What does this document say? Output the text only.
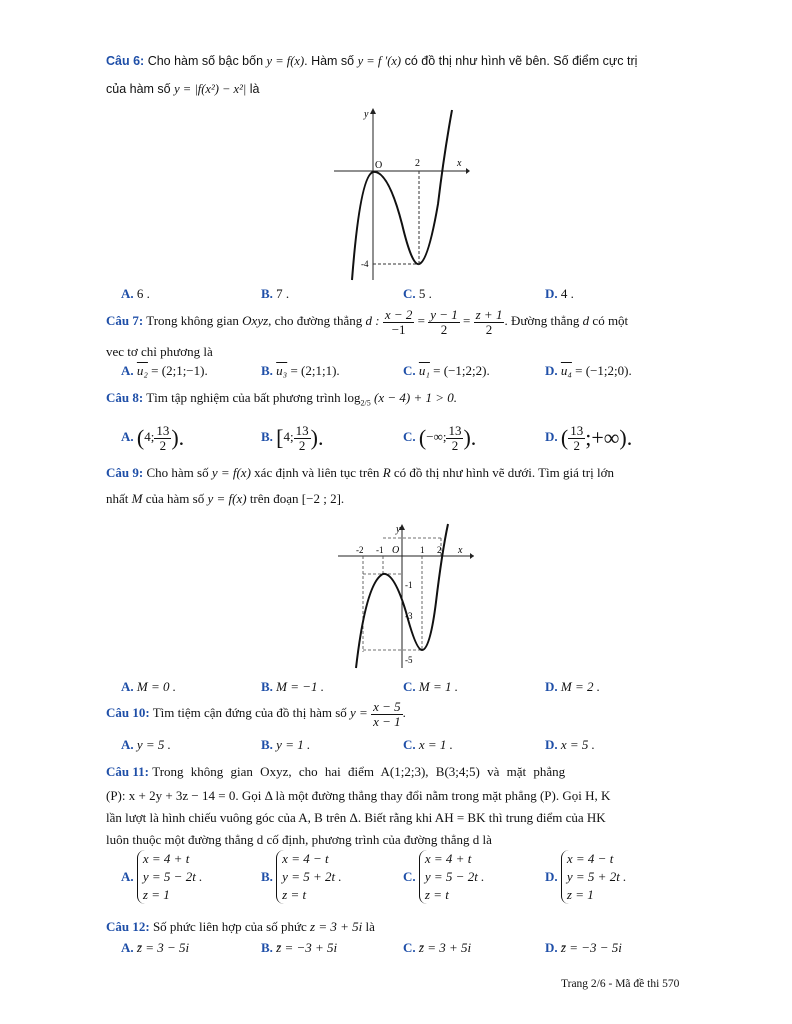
Câu 6: Cho hàm số bậc bốn y = f(x). Hàm số y = f ′(x) có đồ thị như hình vẽ bên. Số điểm cực trị
của hàm số y = |f(x²) − x²| là
y
x
O	2
-4
A. 6 .	B. 7 .	C. 5 .	D. 4 .
Câu 7: Trong không gian Oxyz, cho đường thẳng d : $\frac{x - 2}{-1} = \frac{y - 1}{2} = \frac{z + 1}{2}$ . Đường thẳng d có một
vec tơ chỉ phương là
A. u₂ = (2;1;−1).	B. u₃ = (2;1;1).	C. u₁ = (−1;2;2).	D. u₄ = (−1;2;0).
Câu 8: Tìm tập nghiệm của bất phương trình $\log_{2/5} (x - 4) + 1 > 0$.
A. (4; $\frac{13}{2}$ ).	B. [4; $\frac{13}{2}$ ).	C. (−∞; $\frac{13}{2}$ ).	D. ( $\frac{13}{2}$ ;+∞).
Câu 9: Cho hàm số y = f(x) xác định và liên tục trên R có đồ thị như hình vẽ dưới. Tìm giá trị lớn
nhất M của hàm số y = f(x) trên đoạn [−2 ; 2].
y
x
O
-2 -1	1 2
-1
-3
-5
A. M = 0 .	B. M = −1 .	C. M = 1 .	D. M = 2 .
Câu 10: Tìm tiệm cận đứng của đồ thị hàm số $y = \frac{x - 5}{x - 1}$ .
A. y = 5 .	B. y = 1 .	C. x = 1 .	D. x = 5 .
Câu 11: Trong không gian Oxyz, cho hai điểm A(1;2;3), B(3;4;5) và mặt phẳng
(P): x + 2y + 3z − 14 = 0. Gọi Δ là một đường thẳng thay đổi nằm trong mặt phẳng (P). Gọi H, K
lần lượt là hình chiếu vuông góc của A, B trên Δ. Biết rằng khi AH = BK thì trung điểm của HK
luôn thuộc một đường thẳng d cố định, phương trình của đường thẳng d là
A.
x = 4 + t
y = 5 − 2t .
z = 1
B.
x = 4 − t
y = 5 + 2t .
z = t
C.
x = 4 + t
y = 5 − 2t .
z = t
D.
x = 4 − t
y = 5 + 2t .
z = 1
Câu 12: Số phức liên hợp của số phức z = 3 + 5i là
A. z̄ = 3 − 5i	B. z̄ = −3 + 5i	C. z̄ = 3 + 5i	D. z̄ = −3 − 5i
Trang 2/6 - Mã đề thi 570
